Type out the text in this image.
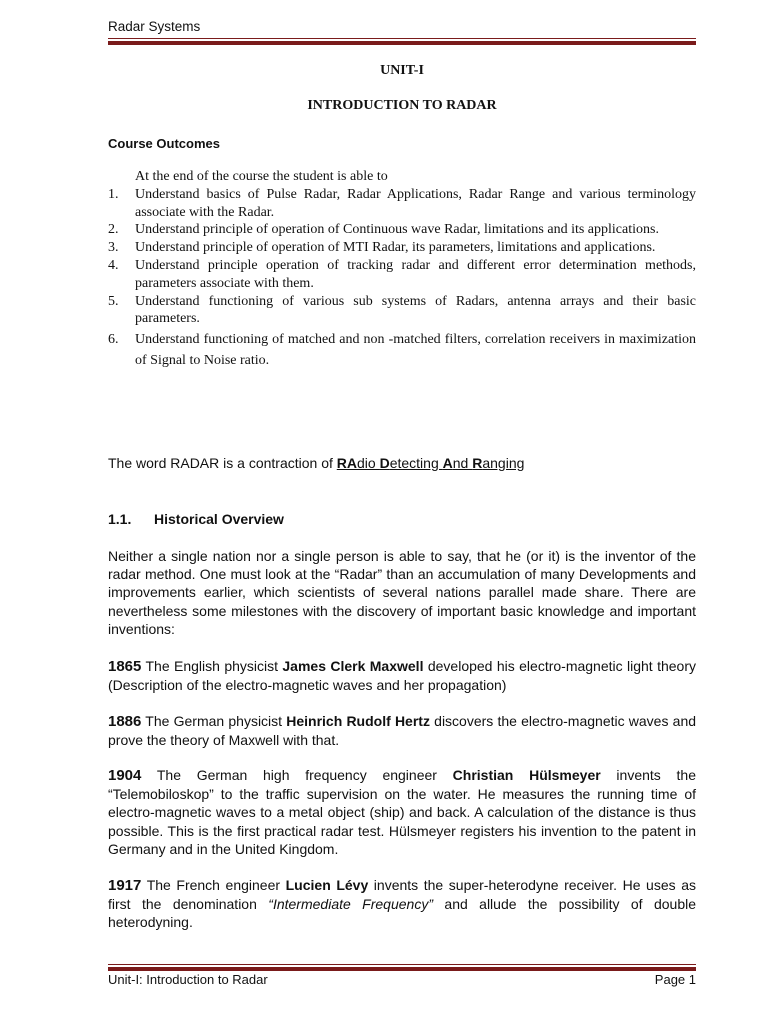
Radar Systems
UNIT-I
INTRODUCTION TO RADAR
Course Outcomes
At the end of the course the student is able to
1. Understand basics of Pulse Radar, Radar Applications, Radar Range and various terminology associate with the Radar.
2. Understand principle of operation of Continuous wave Radar, limitations and its applications.
3. Understand principle of operation of MTI Radar, its parameters, limitations and applications.
4. Understand principle operation of tracking radar and different error determination methods, parameters associate with them.
5. Understand functioning of various sub systems of Radars, antenna arrays and their basic parameters.
6. Understand functioning of matched and non -matched filters, correlation receivers in maximization of Signal to Noise ratio.
The word RADAR is a contraction of RAdio Detecting And Ranging
1.1. Historical Overview
Neither a single nation nor a single person is able to say, that he (or it) is the inventor of the radar method. One must look at the “Radar” than an accumulation of many Developments and improvements earlier, which scientists of several nations parallel made share. There are nevertheless some milestones with the discovery of important basic knowledge and important inventions:
1865 The English physicist James Clerk Maxwell developed his electro-magnetic light theory (Description of the electro-magnetic waves and her propagation)
1886 The German physicist Heinrich Rudolf Hertz discovers the electro-magnetic waves and prove the theory of Maxwell with that.
1904 The German high frequency engineer Christian Hülsmeyer invents the “Telemobiloskop” to the traffic supervision on the water. He measures the running time of electro-magnetic waves to a metal object (ship) and back. A calculation of the distance is thus possible. This is the first practical radar test. Hülsmeyer registers his invention to the patent in Germany and in the United Kingdom.
1917 The French engineer Lucien Lévy invents the super-heterodyne receiver. He uses as first the denomination “Intermediate Frequency” and allude the possibility of double heterodyning.
Unit-I: Introduction to Radar	Page 1
